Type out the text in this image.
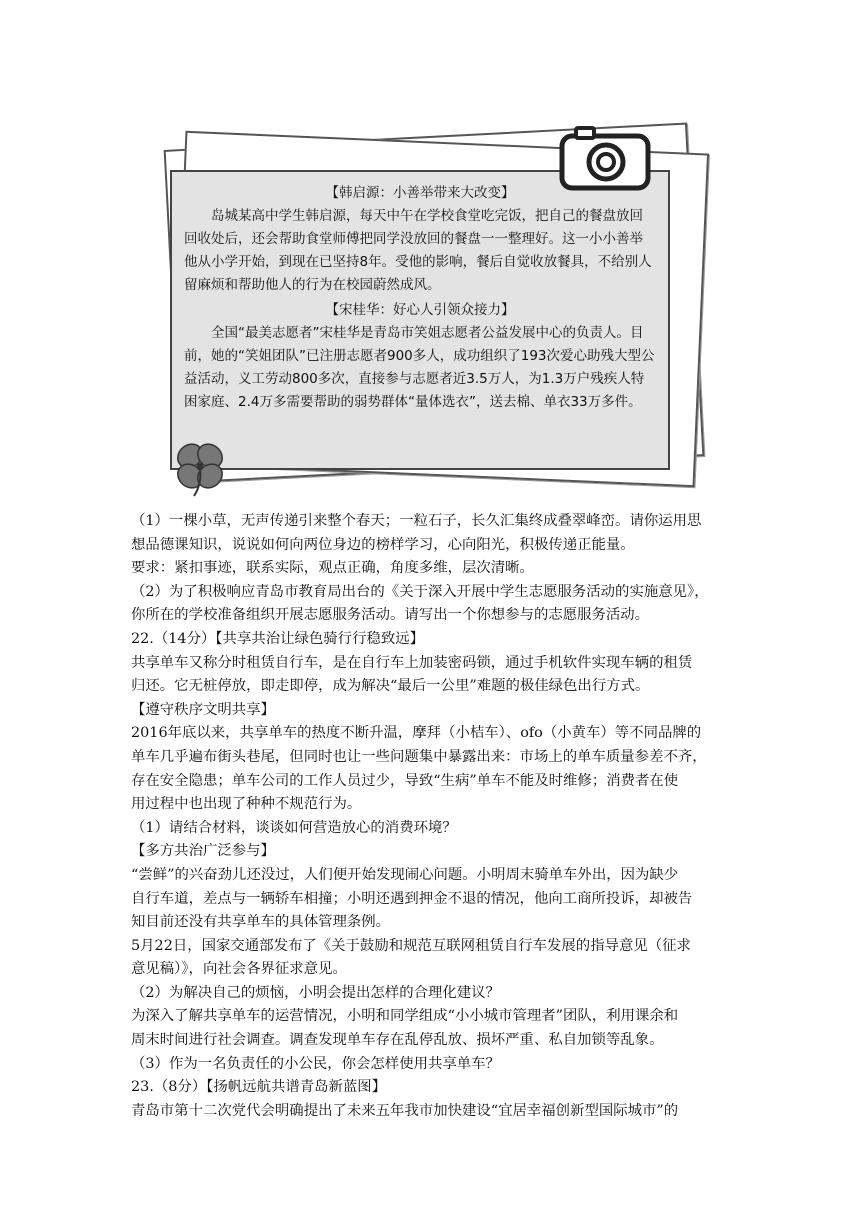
【韩启源：小善举带来大改变】

岛城某高中学生韩启源，每天中午在学校食堂吃完饭，把自己的餐盘放回回收处后，还会帮助食堂师傅把同学没放回的餐盘一一整理好。这一小小善举他从小学开始，到现在已坚持8年。受他的影响，餐后自觉收放餐具，不给别人留麻烦和帮助他人的行为在校园蔚然成风。

【宋桂华：好心人引领众接力】

全国“最美志愿者”宋桂华是青岛市笑姐志愿者公益发展中心的负责人。目前，她的“笑姐团队”已注册志愿者900多人，成功组织了193次爱心助残大型公益活动，义工劳动800多次，直接参与志愿者近3.5万人，为1.3万户残疾人特困家庭、2.4万多需要帮助的弱势群体“量体选衣”，送去棉、单衣33万多件。

（1）一棵小草，无声传递引来整个春天；一粒石子，长久汇集终成叠翠峰峦。请你运用思
想品德课知识，说说如何向两位身边的榜样学习，心向阳光，积极传递正能量。
要求：紧扣事迹，联系实际，观点正确，角度多维，层次清晰。
（2）为了积极响应青岛市教育局出台的《关于深入开展中学生志愿服务活动的实施意见》，
你所在的学校准备组织开展志愿服务活动。请写出一个你想参与的志愿服务活动。
22.（14分）【共享共治让绿色骑行行稳致远】
共享单车又称分时租赁自行车，是在自行车上加装密码锁，通过手机软件实现车辆的租赁
归还。它无桩停放，即走即停，成为解决“最后一公里”难题的极佳绿色出行方式。
【遵守秩序文明共享】
2016年底以来，共享单车的热度不断升温，摩拜（小桔车）、ofo（小黄车）等不同品牌的
单车几乎遍布街头巷尾，但同时也让一些问题集中暴露出来：市场上的单车质量参差不齐，
存在安全隐患；单车公司的工作人员过少，导致“生病”单车不能及时维修；消费者在使
用过程中也出现了种种不规范行为。
（1）请结合材料，谈谈如何营造放心的消费环境？
【多方共治广泛参与】
“尝鲜”的兴奋劲儿还没过，人们便开始发现闹心问题。小明周末骑单车外出，因为缺少
自行车道，差点与一辆轿车相撞；小明还遇到押金不退的情况，他向工商所投诉，却被告
知目前还没有共享单车的具体管理条例。
5月22日，国家交通部发布了《关于鼓励和规范互联网租赁自行车发展的指导意见（征求
意见稿）》，向社会各界征求意见。
（2）为解决自己的烦恼，小明会提出怎样的合理化建议？
为深入了解共享单车的运营情况，小明和同学组成“小小城市管理者”团队，利用课余和
周末时间进行社会调查。调查发现单车存在乱停乱放、损坏严重、私自加锁等乱象。
（3）作为一名负责任的小公民，你会怎样使用共享单车？
23.（8分）【扬帆远航共谱青岛新蓝图】
青岛市第十二次党代会明确提出了未来五年我市加快建设“宜居幸福创新型国际城市”的
